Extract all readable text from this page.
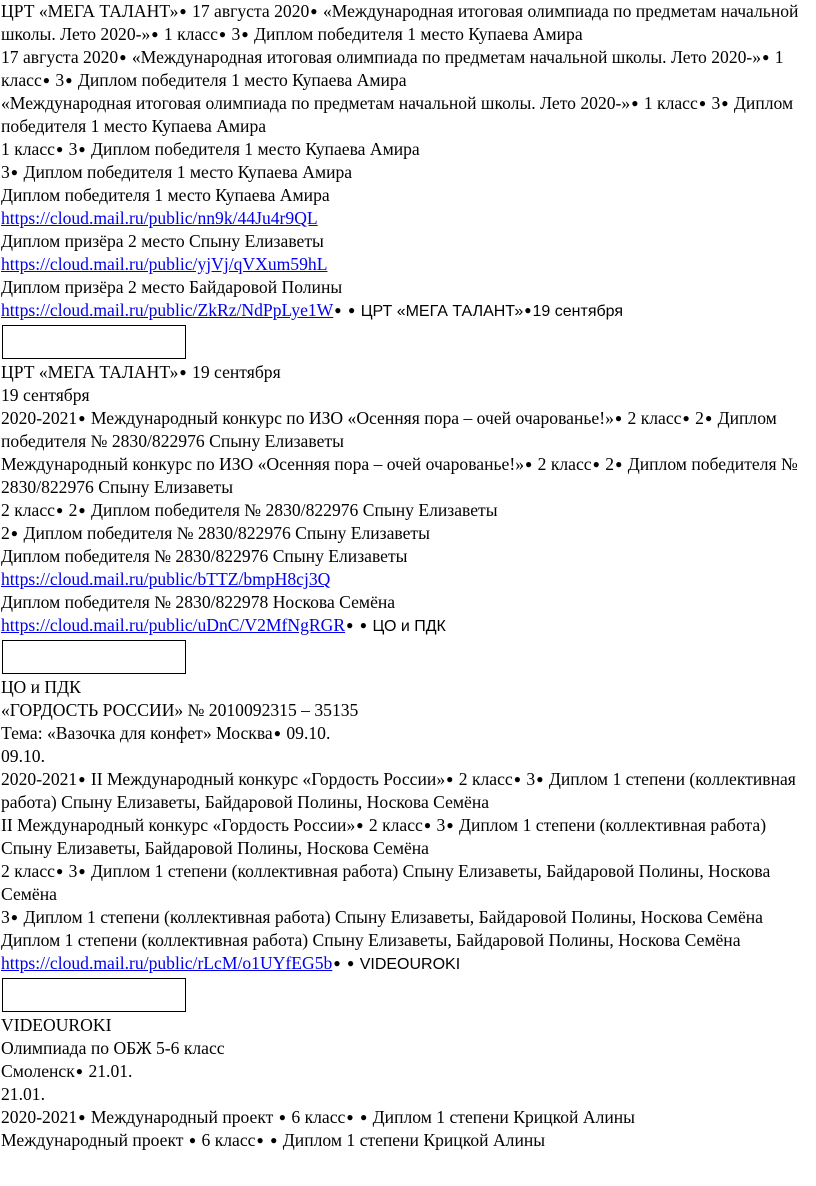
ЦРТ «МЕГА ТАЛАНТ»● 17 августа 2020● «Международная итоговая олимпиада по предметам начальной школы. Лето 2020-»● 1 класс● 3● Диплом победителя 1 место Купаева Амира
17 августа 2020● «Международная итоговая олимпиада по предметам начальной школы. Лето 2020-»● 1 класс● 3● Диплом победителя 1 место Купаева Амира
«Международная итоговая олимпиада по предметам начальной школы. Лето 2020-»● 1 класс● 3● Диплом победителя 1 место Купаева Амира
1 класс● 3● Диплом победителя 1 место Купаева Амира
3● Диплом победителя 1 место Купаева Амира
Диплом победителя 1 место Купаева Амира
https://cloud.mail.ru/public/nn9k/44Ju4r9QL
Диплом призёра 2 место Спыну Елизаветы
https://cloud.mail.ru/public/yjVj/qVXum59hL
Диплом призёра 2 место Байдаровой Полины
https://cloud.mail.ru/public/ZkRz/NdPpLye1W● ● ЦРТ «МЕГА ТАЛАНТ»●19 сентября
ЦРТ «МЕГА ТАЛАНТ»● 19 сентября
19 сентября
2020-2021● Международный конкурс по ИЗО «Осенняя пора – очей очарованье!»● 2 класс● 2● Диплом победителя № 2830/822976 Спыну Елизаветы
Международный конкурс по ИЗО «Осенняя пора – очей очарованье!»● 2 класс● 2● Диплом победителя № 2830/822976 Спыну Елизаветы
2 класс● 2● Диплом победителя № 2830/822976 Спыну Елизаветы
2● Диплом победителя № 2830/822976 Спыну Елизаветы
Диплом победителя № 2830/822976 Спыну Елизаветы
https://cloud.mail.ru/public/bTTZ/bmpH8cj3Q
Диплом победителя № 2830/822978 Носкова Семёна
https://cloud.mail.ru/public/uDnC/V2MfNgRGR● ● ЦО и ПДК
ЦО и ПДК
«ГОРДОСТЬ РОССИИ» № 2010092315 – 35135
Тема: «Вазочка для конфет» Москва● 09.10.
09.10.
2020-2021● II Международный конкурс «Гордость России»● 2 класс● 3● Диплом 1 степени (коллективная работа) Спыну Елизаветы, Байдаровой Полины, Носкова Семёна
II Международный конкурс «Гордость России»● 2 класс● 3● Диплом 1 степени (коллективная работа) Спыну Елизаветы, Байдаровой Полины, Носкова Семёна
2 класс● 3● Диплом 1 степени (коллективная работа) Спыну Елизаветы, Байдаровой Полины, Носкова Семёна
3● Диплом 1 степени (коллективная работа) Спыну Елизаветы, Байдаровой Полины, Носкова Семёна
Диплом 1 степени (коллективная работа) Спыну Елизаветы, Байдаровой Полины, Носкова Семёна
https://cloud.mail.ru/public/rLcM/o1UYfEG5b● ● VIDEOUROKI
VIDEOUROKI
Олимпиада по ОБЖ 5-6 класс
Смоленск● 21.01.
21.01.
2020-2021● Международный проект ● 6 класс● ● Диплом 1 степени Крицкой Алины
Международный проект ● 6 класс● ● Диплом 1 степени Крицкой Алины
